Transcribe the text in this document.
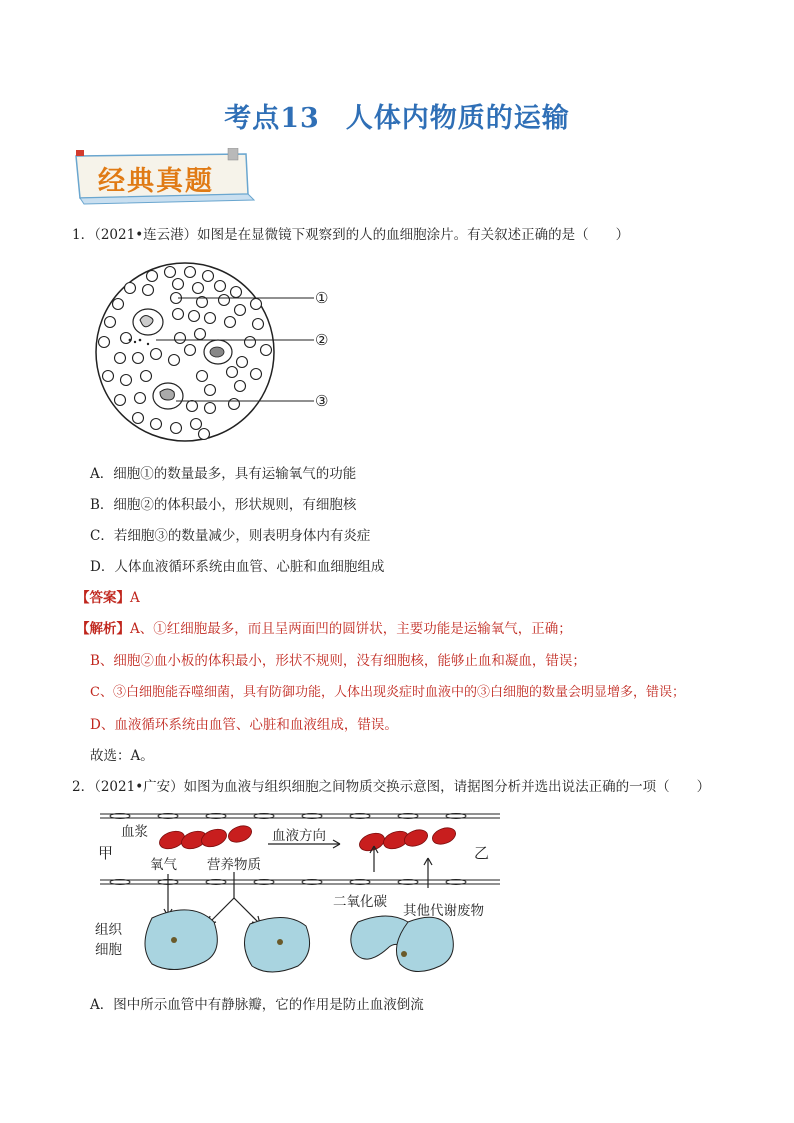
考点13 人体内物质的运输
经典真题
1．（2021•连云港）如图是在显微镜下观察到的人的血细胞涂片。有关叙述正确的是（　　）
①
②
③
A．细胞①的数量最多，具有运输氧气的功能
B．细胞②的体积最小，形状规则，有细胞核
C．若细胞③的数量减少，则表明身体内有炎症
D．人体血液循环系统由血管、心脏和血细胞组成
【答案】A
【解析】A、①红细胞最多，而且呈两面凹的圆饼状，主要功能是运输氧气，正确；
B、细胞②血小板的体积最小，形状不规则，没有细胞核，能够止血和凝血，错误；
C、③白细胞能吞噬细菌，具有防御功能，人体出现炎症时血液中的③白细胞的数量会明显增多，错误；
D、血液循环系统由血管、心脏和血液组成，错误。
故选：A。
2．（2021•广安）如图为血液与组织细胞之间物质交换示意图，请据图分析并选出说法正确的一项（　　）
血浆	血液方向
甲	乙
氧气 营养物质
组织
细胞
二氧化碳
其他代谢废物
A．图中所示血管中有静脉瓣，它的作用是防止血液倒流
